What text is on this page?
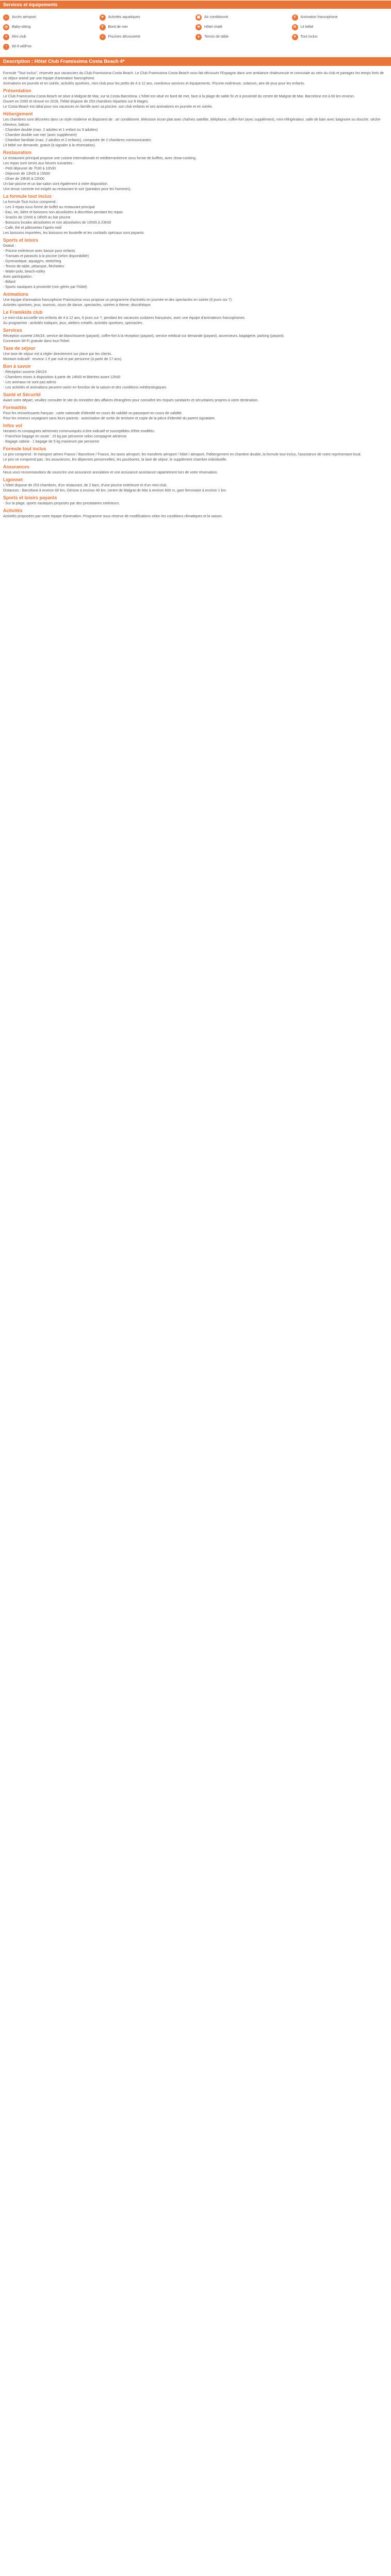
Services et équipements
⌂	Accès aéroport	✦	Activités aquatiques	▣	Air conditionné	Y	Animation francophone
◎	Baby-sitting	Y	Bord de mer	≋	Hôtel chalé	H	Lit bébé
+	Mini club	☺	Piscines découverte	●	Tennis de table	✕	Tout inclus
◔	Wi-fi wifiFee
Description : Hôtel Club Framissima Costa Beach 4*

Formule "Tout Inclus", réservée aux vacanciers du Club Framissima Costa Beach. Le Club Framissima Costa Beach vous fait découvrir l'Espagne dans une ambiance chaleureuse et conviviale au sein du club et partagez les temps forts de ce séjour animé par une équipe d'animation francophone.

Animations en journée et en soirée, activités sportives, mini-club pour les petits de 4 à 12 ans, nombreux services et équipements. Piscine extérieure, solarium, aire de jeux pour les enfants.

Présentation

Le Club Framissima Costa Beach se situe à Malgrat de Mar, sur la Costa Barcelona. L'hôtel est situé en bord de mer, face à la plage de sable fin et à proximité du centre de Malgrat de Mar. Barcelone est à 60 km environ.

Ouvert en 2000 et rénové en 2018, l'hôtel dispose de 253 chambres réparties sur 8 étages.

Le Costa Beach est idéal pour vos vacances en famille avec sa piscine, son club enfants et ses animations en journée et en soirée.

Hébergement

Les chambres sont décorées dans un style moderne et disposent de : air conditionné, télévision écran plat avec chaînes satellite, téléphone, coffre-fort (avec supplément), mini-réfrigérateur, salle de bain avec baignoire ou douche, sèche-cheveux, balcon.

- Chambre double (max. 2 adultes et 1 enfant ou 3 adultes)

- Chambre double vue mer (avec supplément)

- Chambre familiale (max. 2 adultes et 2 enfants), composée de 2 chambres communicantes

Lit bébé sur demande, gratuit (à signaler à la réservation).

Restauration

Le restaurant principal propose une cuisine internationale et méditerranéenne sous forme de buffets, avec show-cooking.

Les repas sont servis aux heures suivantes :

- Petit déjeuner de 7h30 à 10h30

- Déjeuner de 13h00 à 15h00

- Dîner de 19h30 à 22h00

Un bar-piscine et un bar-salon sont également à votre disposition.

Une tenue correcte est exigée au restaurant le soir (pantalon pour les hommes).

La formule tout inclus

La formule Tout Inclus comprend :

- Les 3 repas sous forme de buffet au restaurant principal

- Eau, vin, bière et boissons non alcoolisées à discrétion pendant les repas

- Snacks de 11h00 à 18h00 au bar piscine

- Boissons locales alcoolisées et non alcoolisées de 10h00 à 23h00

- Café, thé et pâtisseries l'après-midi

Les boissons importées, les boissons en bouteille et les cocktails spéciaux sont payants.

Sports et loisirs

Gratuit :

- Piscine extérieure avec bassin pour enfants

- Transats et parasols à la piscine (selon disponibilité)

- Gymnastique, aquagym, stretching

- Tennis de table, pétanque, fléchettes

- Water-polo, beach-volley

Avec participation :

- Billard

- Sports nautiques à proximité (non gérés par l'hôtel)

Animations

Une équipe d'animation francophone Framissima vous propose un programme d'activités en journée et des spectacles en soirée (6 jours sur 7).

Activités sportives, jeux, tournois, cours de danse, spectacles, soirées à thème, discothèque.

Le Framikids club

Le mini-club accueille vos enfants de 4 à 12 ans, 6 jours sur 7, pendant les vacances scolaires françaises, avec une équipe d'animateurs francophones.

Au programme : activités ludiques, jeux, ateliers créatifs, activités sportives, spectacles.

Services

Réception ouverte 24h/24, service de blanchisserie (payant), coffre-fort à la réception (payant), service médical sur demande (payant), ascenseurs, bagagerie, parking (payant).

Connexion Wi-Fi gratuite dans tout l'hôtel.

Taxe de séjour

Une taxe de séjour est à régler directement sur place par les clients.

Montant indicatif : environ 1 € par nuit et par personne (à partir de 17 ans).

Bon à savoir

- Réception ouverte 24h/24

- Chambres mises à disposition à partir de 14h00 et libérées avant 12h00

- Les animaux ne sont pas admis

- Les activités et animations peuvent varier en fonction de la saison et des conditions météorologiques

Santé et Sécurité

Avant votre départ, veuillez consulter le site du ministère des affaires étrangères pour connaître les risques sanitaires et sécuritaires propres à votre destination.

Formalités

Pour les ressortissants français : carte nationale d'identité en cours de validité ou passeport en cours de validité.

Pour les mineurs voyageant sans leurs parents : autorisation de sortie de territoire et copie de la pièce d'identité du parent signataire.

Infos vol

Horaires et compagnies aériennes communiqués à titre indicatif et susceptibles d'être modifiés.

- Franchise bagage en soute : 15 kg par personne selon compagnie aérienne

- Bagage cabine : 1 bagage de 5 kg maximum par personne

Formule tout inclus

Le prix comprend : le transport aérien France / Barcelone / France, les taxes aéroport, les transferts aéroport / hôtel / aéroport, l'hébergement en chambre double, la formule tout inclus, l'assistance de notre représentant local.

Le prix ne comprend pas : les assurances, les dépenses personnelles, les pourboires, la taxe de séjour, le supplément chambre individuelle.

Assurances

Nous vous recommandons de souscrire une assurance annulation et une assurance assistance rapatriement lors de votre réservation.

Ligonnet

L'hôtel dispose de 253 chambres, d'un restaurant, de 2 bars, d'une piscine extérieure et d'un mini-club.

Distances : Barcelone à environ 60 km, Gérone à environ 40 km, centre de Malgrat de Mar à environ 800 m, gare ferroviaire à environ 1 km.

Sports et loisirs payants

- Sur la plage, sports nautiques proposés par des prestataires extérieurs.

Activités

Activités proposées par notre équipe d'animation. Programme sous réserve de modifications selon les conditions climatiques et la saison.
